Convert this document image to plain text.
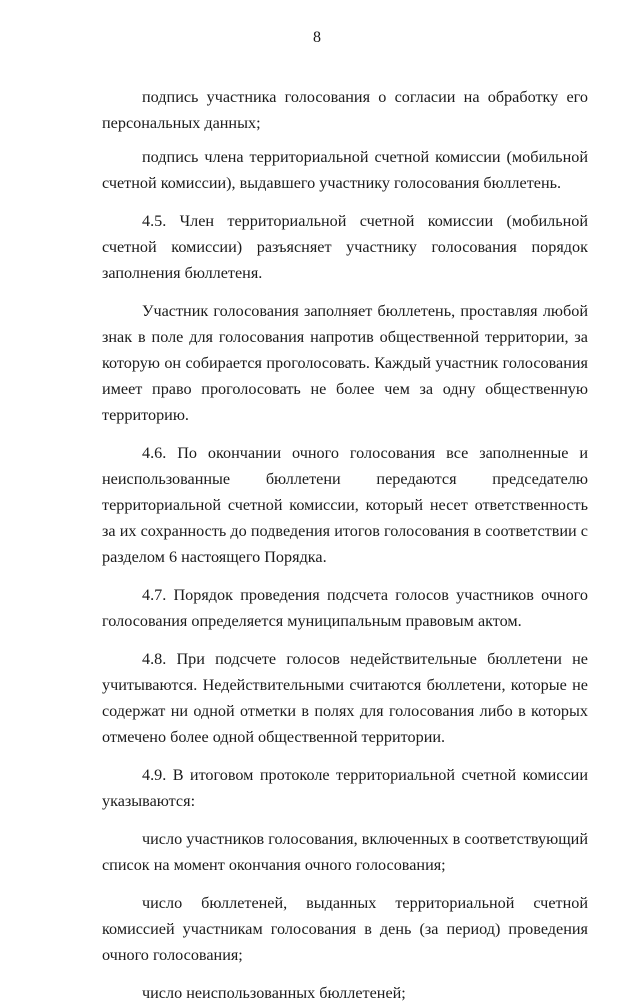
8

подпись участника голосования о согласии на обработку его персональных данных;

подпись члена территориальной счетной комиссии (мобильной счетной комиссии), выдавшего участнику голосования бюллетень.

4.5. Член территориальной счетной комиссии (мобильной счетной комиссии) разъясняет участнику голосования порядок заполнения бюллетеня.

Участник голосования заполняет бюллетень, проставляя любой знак в поле для голосования напротив общественной территории, за которую он собирается проголосовать. Каждый участник голосования имеет право проголосовать не более чем за одну общественную территорию.

4.6. По окончании очного голосования все заполненные и неиспользованные бюллетени передаются председателю территориальной счетной комиссии, который несет ответственность за их сохранность до подведения итогов голосования в соответствии с разделом 6 настоящего Порядка.

4.7. Порядок проведения подсчета голосов участников очного голосования определяется муниципальным правовым актом.

4.8. При подсчете голосов недействительные бюллетени не учитываются. Недействительными считаются бюллетени, которые не содержат ни одной отметки в полях для голосования либо в которых отмечено более одной общественной территории.

4.9. В итоговом протоколе территориальной счетной комиссии указываются:

число участников голосования, включенных в соответствующий список на момент окончания очного голосования;

число бюллетеней, выданных территориальной счетной комиссией участникам голосования в день (за период) проведения очного голосования;

число неиспользованных бюллетеней;
